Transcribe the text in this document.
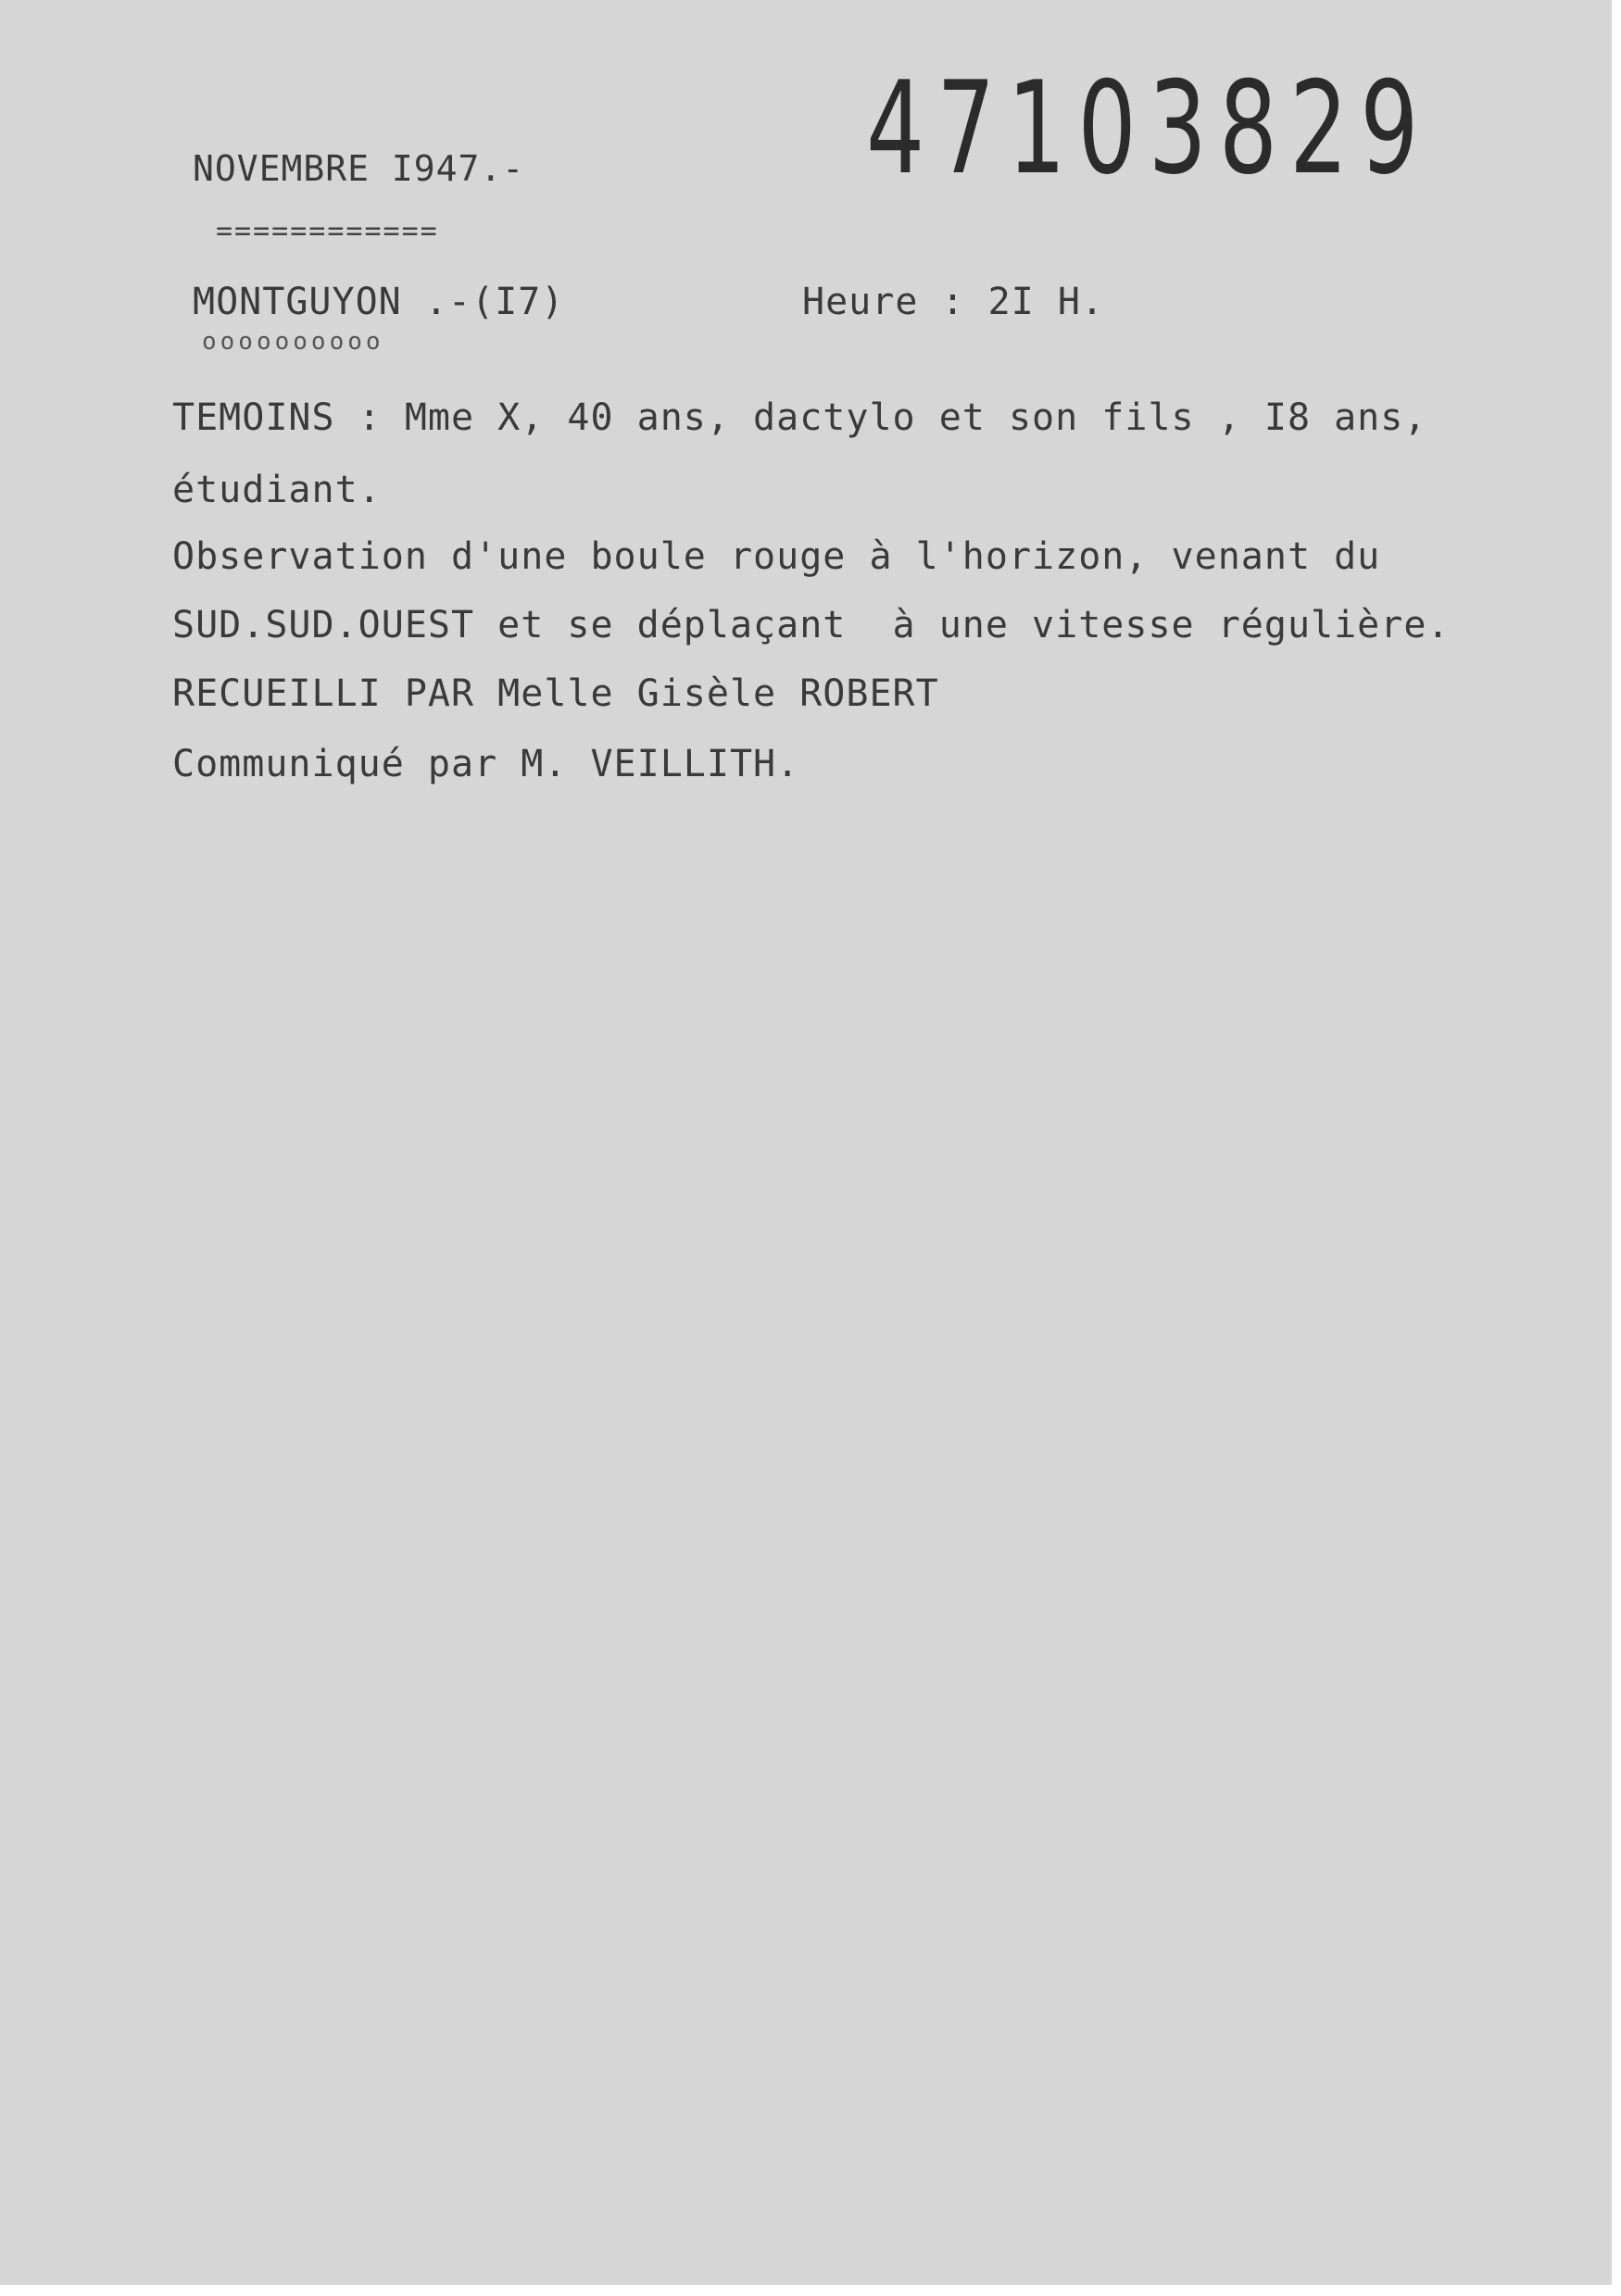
47103829
NOVEMBRE I947.-
============
MONTGUYON .-(I7)
oooooooooo
Heure : 2I H.
TEMOINS : Mme X, 40 ans, dactylo et son fils , I8 ans,
étudiant.
Observation d'une boule rouge à l'horizon, venant du
SUD.SUD.OUEST et se déplaçant  à une vitesse régulière.
RECUEILLI PAR Melle Gisèle ROBERT
Communiqué par M. VEILLITH.
